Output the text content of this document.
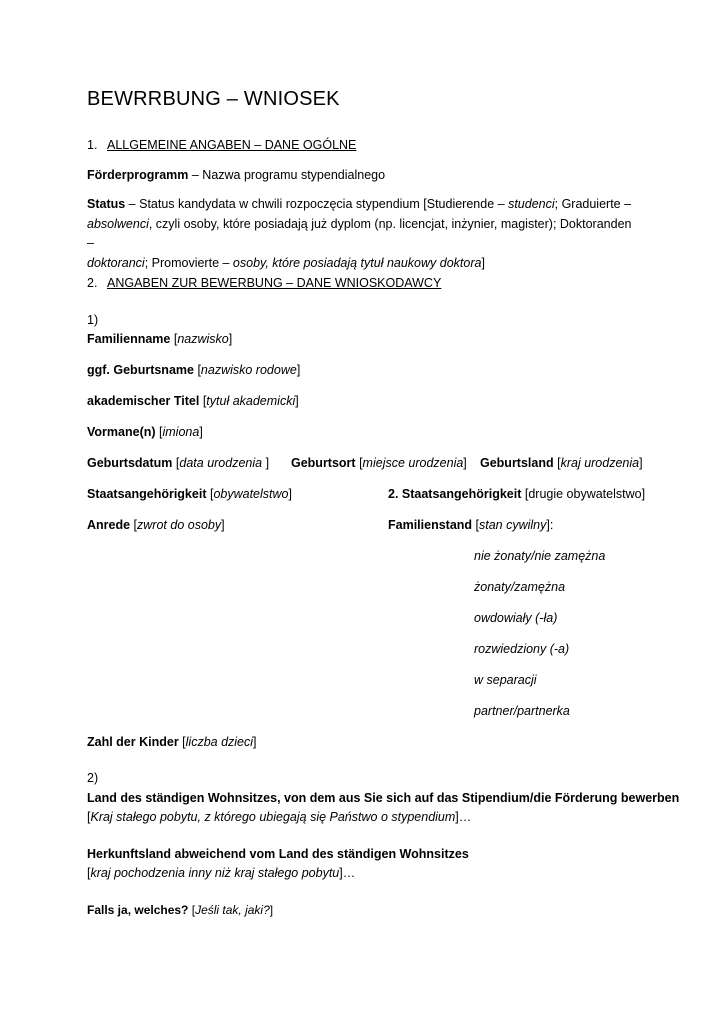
BEWRRBUNG – WNIOSEK
1. ALLGEMEINE ANGABEN – DANE OGÓLNE
Förderprogramm – Nazwa programu stypendialnego
Status – Status kandydata w chwili rozpoczęcia stypendium [Studierende – studenci; Graduierte –
absolwenci, czyli osoby, które posiadają już dyplom (np. licencjat, inżynier, magister); Doktoranden –
doktoranci; Promovierte – osoby, które posiadają tytuł naukowy doktora]
2. ANGABEN ZUR BEWERBUNG – DANE WNIOSKODAWCY
1)
Familienname [nazwisko]
ggf. Geburtsname [nazwisko rodowe]
akademischer Titel [tytuł akademicki]
Vormane(n) [imiona]
Geburtsdatum [data urodzenia ] Geburtsort [miejsce urodzenia] Geburtsland [kraj urodzenia]
Staatsangehörigkeit [obywatelstwo]	2. Staatsangehörigkeit [drugie obywatelstwo]
Anrede [zwrot do osoby]	Familienstand [stan cywilny]:
nie żonaty/nie zamężna
żonaty/zamężna
owdowiały (-ła)
rozwiedziony (-a)
w separacji
partner/partnerka
Zahl der Kinder [liczba dzieci]
2)
Land des ständigen Wohnsitzes, von dem aus Sie sich auf das Stipendium/die Förderung bewerben
[Kraj stałego pobytu, z którego ubiegają się Państwo o stypendium]…
Herkunftsland abweichend vom Land des ständigen Wohnsitzes
[kraj pochodzenia inny niż kraj stałego pobytu]…
Falls ja, welches? [Jeśli tak, jaki?]
